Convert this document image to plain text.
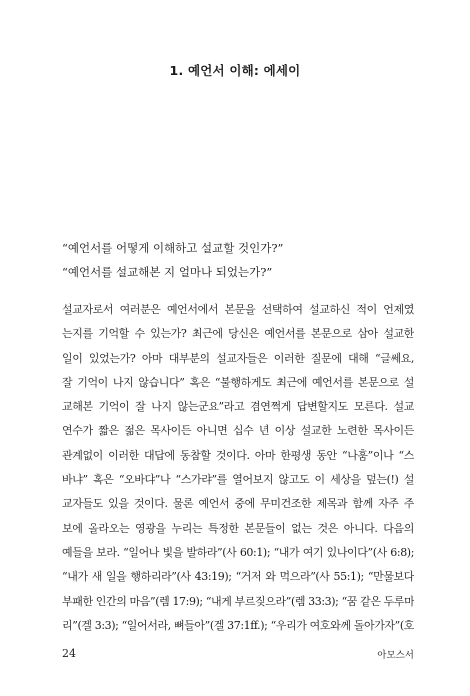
1. 예언서 이해: 에세이
“예언서를 어떻게 이해하고 설교할 것인가?”
“예언서를 설교해본 지 얼마나 되었는가?”
설교자로서 여러분은 예언서에서 본문을 선택하여 설교하신 적이 언제였
는지를 기억할 수 있는가? 최근에 당신은 예언서를 본문으로 삼아 설교한
일이 있었는가? 아마 대부분의 설교자들은 이러한 질문에 대해 “글쎄요,
잘 기억이 나지 않습니다” 혹은 “불행하게도 최근에 예언서를 본문으로 설
교해본 기억이 잘 나지 않는군요”라고 겸연쩍게 답변할지도 모른다. 설교
연수가 짧은 젊은 목사이든 아니면 십수 년 이상 설교한 노련한 목사이든
관계없이 이러한 대답에 동참할 것이다. 아마 한평생 동안 “나훔”이나 “스
바냐” 혹은 “오바댜”나 “스가랴”를 열어보지 않고도 이 세상을 덮는(!) 설
교자들도 있을 것이다. 물론 예언서 중에 무미건조한 제목과 함께 자주 주
보에 올라오는 영광을 누리는 특정한 본문들이 없는 것은 아니다. 다음의
예들을 보라. “일어나 빛을 발하라”(사 60:1); “내가 여기 있나이다”(사 6:8);
“내가 새 일을 행하리라”(사 43:19); “거저 와 먹으라”(사 55:1); “만물보다
부패한 인간의 마음”(렘 17:9); “내게 부르짖으라”(렘 33:3); “꿈 같은 두루마
리”(겔 3:3); “일어서라, 뼈들아”(겔 37:1ff.); “우리가 여호와께 돌아가자”(호
24	아모스서
